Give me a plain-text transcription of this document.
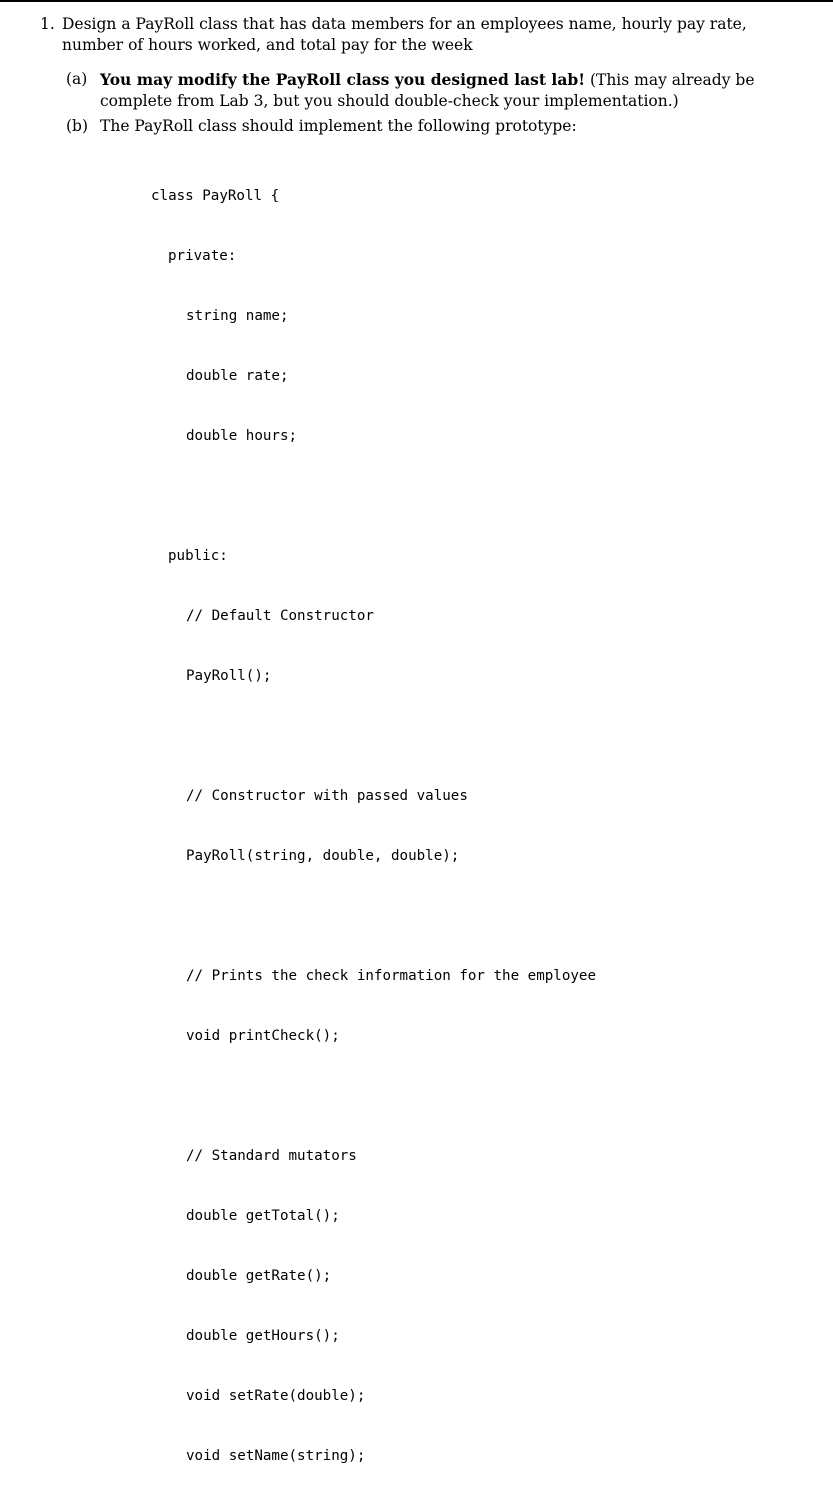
1. Design a PayRoll class that has data members for an employees name, hourly pay rate, number of hours worked, and total pay for the week
(a) You may modify the PayRoll class you designed last lab! (This may already be complete from Lab 3, but you should double-check your implementation.)
(b) The PayRoll class should implement the following prototype:

class PayRoll {

private:

string name;

double rate;

double hours;

public:

// Default Constructor

PayRoll();

// Constructor with passed values

PayRoll(string, double, double);

// Prints the check information for the employee

void printCheck();

// Standard mutators

double getTotal();

double getRate();

double getHours();

void setRate(double);

void setName(string);
